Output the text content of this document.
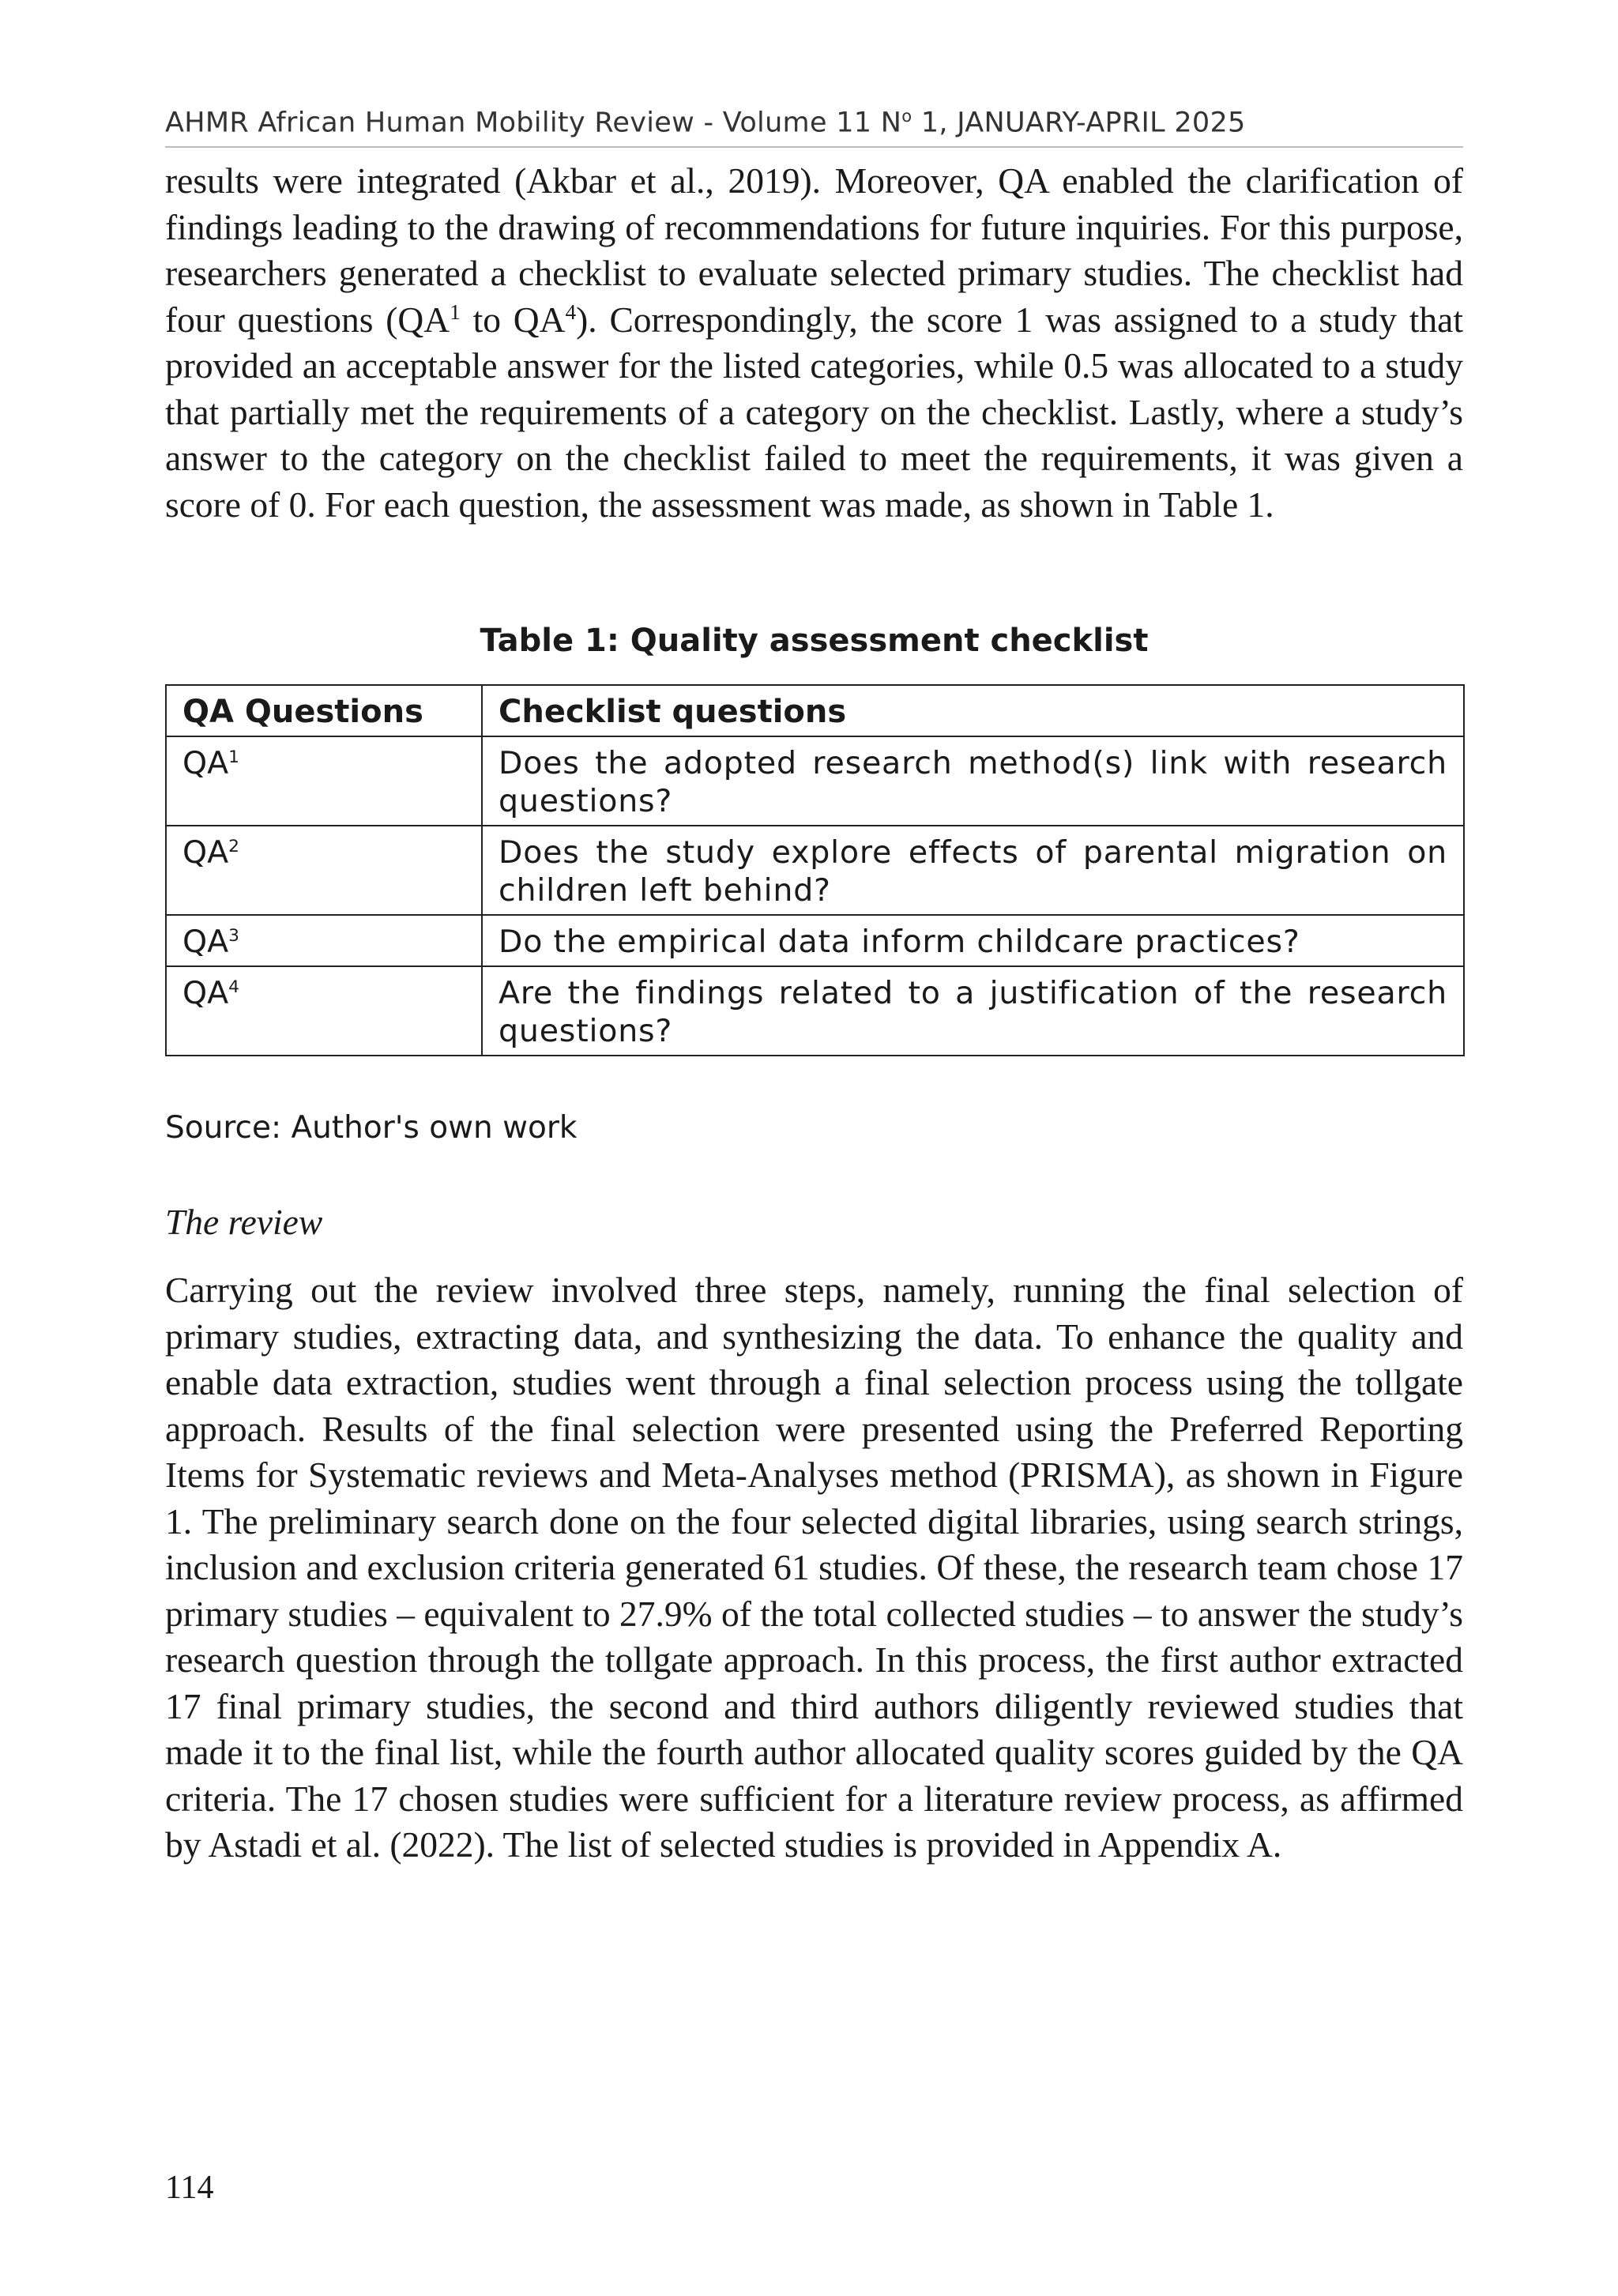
AHMR African Human Mobility Review - Volume 11 $N^o$ 1, JANUARY-APRIL 2025

results were integrated (Akbar et al., 2019). Moreover, QA enabled the clarification of findings leading to the drawing of recommendations for future inquiries. For this purpose, researchers generated a checklist to evaluate selected primary studies. The checklist had four questions ($QA^1$ to $QA^4$). Correspondingly, the score 1 was assigned to a study that provided an acceptable answer for the listed categories, while 0.5 was allocated to a study that partially met the requirements of a category on the checklist. Lastly, where a study’s answer to the category on the checklist failed to meet the requirements, it was given a score of 0. For each question, the assessment was made, as shown in Table 1.

Table 1: Quality assessment checklist
QA Questions	Checklist questions
$QA^1$	Does the adopted research method(s) link with research questions?
$QA^2$	Does the study explore effects of parental migration on children left behind?
$QA^3$	Do the empirical data inform childcare practices?
$QA^4$	Are the findings related to a justification of the research questions?
Source: Author's own work
The review

Carrying out the review involved three steps, namely, running the final selection of primary studies, extracting data, and synthesizing the data. To enhance the quality and enable data extraction, studies went through a final selection process using the tollgate approach. Results of the final selection were presented using the Preferred Reporting Items for Systematic reviews and Meta-Analyses method (PRISMA), as shown in Figure 1. The preliminary search done on the four selected digital libraries, using search strings, inclusion and exclusion criteria generated 61 studies. Of these, the research team chose 17 primary studies – equivalent to 27.9% of the total collected studies – to answer the study’s research question through the tollgate approach. In this process, the first author extracted 17 final primary studies, the second and third authors diligently reviewed studies that made it to the final list, while the fourth author allocated quality scores guided by the QA criteria. The 17 chosen studies were sufficient for a literature review process, as affirmed by Astadi et al. (2022). The list of selected studies is provided in Appendix A.

114
